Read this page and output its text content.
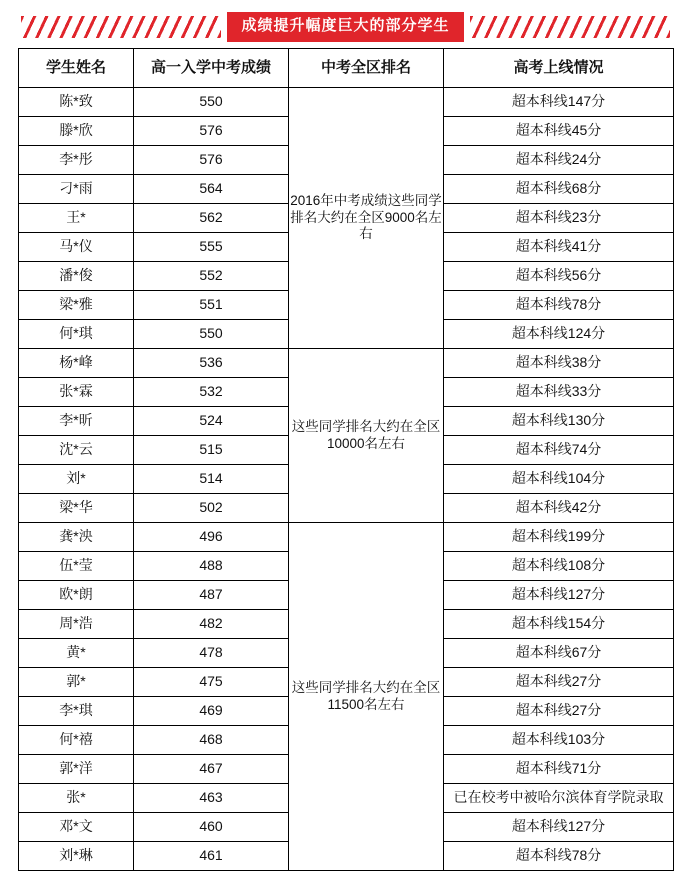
成绩提升幅度巨大的部分学生
学生姓名	高一入学中考成绩	中考全区排名	高考上线情况
陈*致	550	2016年中考成绩这些同学排名大约在全区9000名左右	超本科线147分
滕*欣	576		超本科线45分
李*彤	576		超本科线24分
刁*雨	564		超本科线68分
王*	562		超本科线23分
马*仪	555		超本科线41分
潘*俊	552		超本科线56分
梁*雅	551		超本科线78分
何*琪	550		超本科线124分
杨*峰	536	这些同学排名大约在全区10000名左右	超本科线38分
张*霖	532		超本科线33分
李*昕	524		超本科线130分
沈*云	515		超本科线74分
刘*	514		超本科线104分
梁*华	502		超本科线42分
龚*泱	496	这些同学排名大约在全区11500名左右	超本科线199分
伍*莹	488		超本科线108分
欧*朗	487		超本科线127分
周*浩	482		超本科线154分
黄*	478		超本科线67分
郭*	475		超本科线27分
李*琪	469		超本科线27分
何*禧	468		超本科线103分
郭*洋	467		超本科线71分
张*	463		已在校考中被哈尔滨体育学院录取
邓*文	460		超本科线127分
刘*琳	461		超本科线78分
